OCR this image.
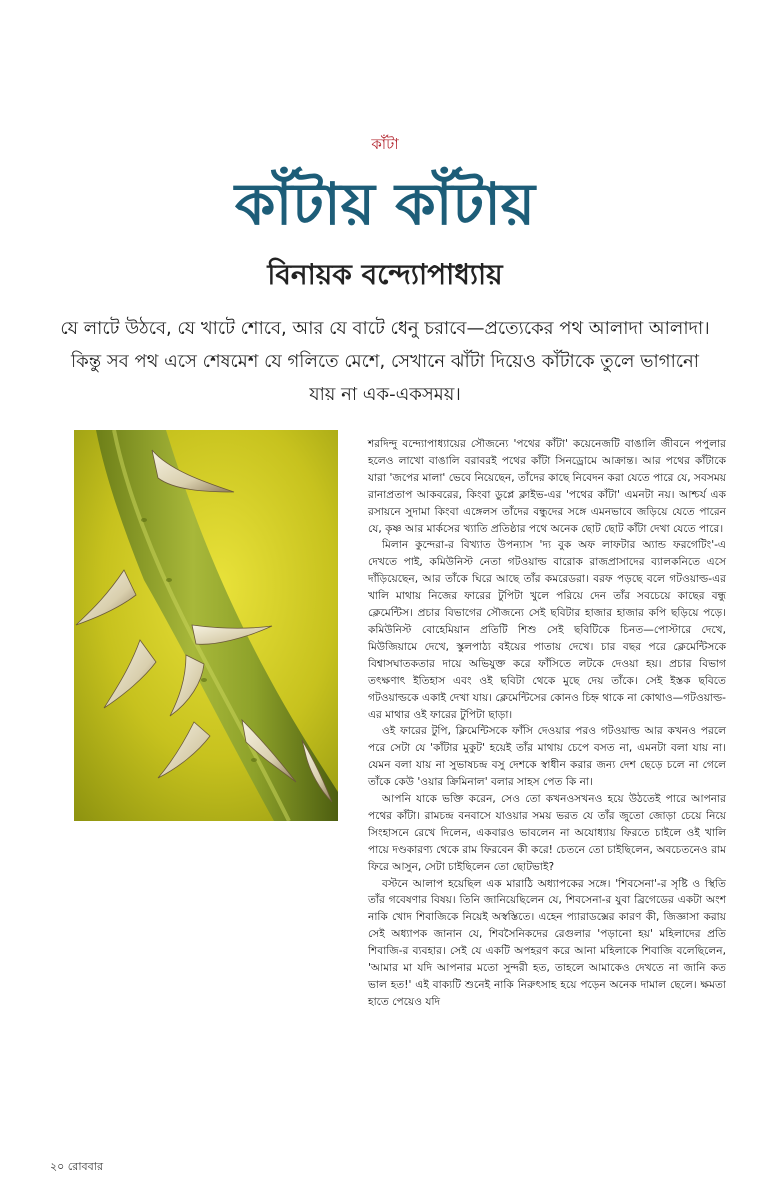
কাঁটা
কাঁটায় কাঁটায়
বিনায়ক বন্দ্যোপাধ্যায়
যে লাটে উঠবে, যে খাটে শোবে, আর যে বাটে ধেনু চরাবে—প্রত্যেকের পথ আলাদা আলাদা। কিন্তু সব পথ এসে শেষমেশ যে গলিতে মেশে, সেখানে ঝাঁটা দিয়েও কাঁটাকে তুলে ভাগানো যায় না এক-একসময়।

শরদিন্দু বন্দ্যোপাধ্যায়ের সৌজন্যে 'পথের কাঁটা' কয়েনেজটি বাঙালি জীবনে পপুলার হলেও লাখো বাঙালি বরাবরই পথের কাঁটা সিনড্রোমে আক্রান্ত। আর পথের কাঁটাকে যারা 'জপের মালা' ভেবে নিয়েছেন, তাঁদের কাছে নিবেদন করা যেতে পারে যে, সবসময় রানাপ্রতাপ আকবরের, কিংবা ডুপ্লে ক্লাইভ-এর 'পথের কাঁটা' এমনটা নয়। আশ্চর্য এক রসায়নে সুদামা কিংবা এঙ্গেলস তাঁদের বন্ধুদের সঙ্গে এমনভাবে জড়িয়ে যেতে পারেন যে, কৃষ্ণ আর মার্কসের খ্যাতি প্রতিষ্ঠার পথে অনেক ছোট ছোট কাঁটা দেখা যেতে পারে।

মিলান কুন্দেরা-র বিখ্যাত উপন্যাস 'দ্য বুক অফ লাফটার অ্যান্ড ফরগেটিং'-এ দেখতে পাই, কমিউনিস্ট নেতা গটওয়াল্ড বারোক রাজপ্রাসাদের ব্যালকনিতে এসে দাঁড়িয়েছেন, আর তাঁকে ঘিরে আছে তাঁর কমরেডরা। বরফ পড়ছে বলে গটওয়াল্ড-এর খালি মাথায় নিজের ফারের টুপিটা খুলে পরিয়ে দেন তাঁর সবচেয়ে কাছের বন্ধু ক্লেমেন্টিস। প্রচার বিভাগের সৌজন্যে সেই ছবিটার হাজার হাজার কপি ছড়িয়ে পড়ে। কমিউনিস্ট বোহেমিয়ান প্রতিটি শিশু সেই ছবিটিকে চিনত—পোস্টারে দেখে, মিউজিয়ামে দেখে, স্কুলপাঠ্য বইয়ের পাতায় দেখে। চার বছর পরে ক্লেমেন্টিসকে বিশ্বাসঘাতকতার দায়ে অভিযুক্ত করে ফাঁসিতে লটকে দেওয়া হয়। প্রচার বিভাগ তৎক্ষণাৎ ইতিহাস এবং ওই ছবিটা থেকে মুছে দেয় তাঁকে। সেই ইস্তক ছবিতে গটওয়াল্ডকে একাই দেখা যায়। ক্লেমেন্টিসের কোনও চিহ্ন থাকে না কোথাও—গটওয়াল্ড-এর মাথার ওই ফারের টুপিটা ছাড়া।

ওই ফারের টুপি, ক্লিমেন্টিসকে ফাঁসি দেওয়ার পরও গটওয়াল্ড আর কখনও পরলে পরে সেটা যে 'কাঁটার মুকুট' হয়েই তাঁর মাথায় চেপে বসত না, এমনটা বলা যায় না। যেমন বলা যায় না সুভাষচন্দ্র বসু দেশকে স্বাধীন করার জন্য দেশ ছেড়ে চলে না গেলে তাঁকে কেউ 'ওয়ার ক্রিমিনাল' বলার সাহস পেত কি না।

আপনি যাকে ভক্তি করেন, সেও তো কখনওসখনও হয়ে উঠতেই পারে আপনার পথের কাঁটা। রামচন্দ্র বনবাসে যাওয়ার সময় ভরত যে তাঁর জুতো জোড়া চেয়ে নিয়ে সিংহাসনে রেখে দিলেন, একবারও ভাবলেন না অযোধ্যায় ফিরতে চাইলে ওই খালি পায়ে দণ্ডকারণ্য থেকে রাম ফিরবেন কী করে! চেতনে তো চাইছিলেন, অবচেতনেও রাম ফিরে আসুন, সেটা চাইছিলেন তো ছোটভাই?

বস্টনে আলাপ হয়েছিল এক মারাঠি অধ্যাপকের সঙ্গে। 'শিবসেনা'-র সৃষ্টি ও স্থিতি তাঁর গবেষণার বিষয়। তিনি জানিয়েছিলেন যে, শিবসেনা-র যুবা ব্রিগেডের একটা অংশ নাকি খোদ শিবাজিকে নিয়েই অস্বস্তিতে। এহেন প্যারাডক্সের কারণ কী, জিজ্ঞাসা করায় সেই অধ্যাপক জানান যে, শিবসৈনিকদের রেগুলার 'পড়ানো হয়' মহিলাদের প্রতি শিবাজি-র ব্যবহার। সেই যে একটি অপহরণ করে আনা মহিলাকে শিবাজি বলেছিলেন, 'আমার মা যদি আপনার মতো সুন্দরী হত, তাহলে আমাকেও দেখতে না জানি কত ভাল হত!' এই বাক্যটি শুনেই নাকি নিরুৎসাহ হয়ে পড়েন অনেক দামাল ছেলে। ক্ষমতা হাতে পেয়েও যদি

২০ রোববার
